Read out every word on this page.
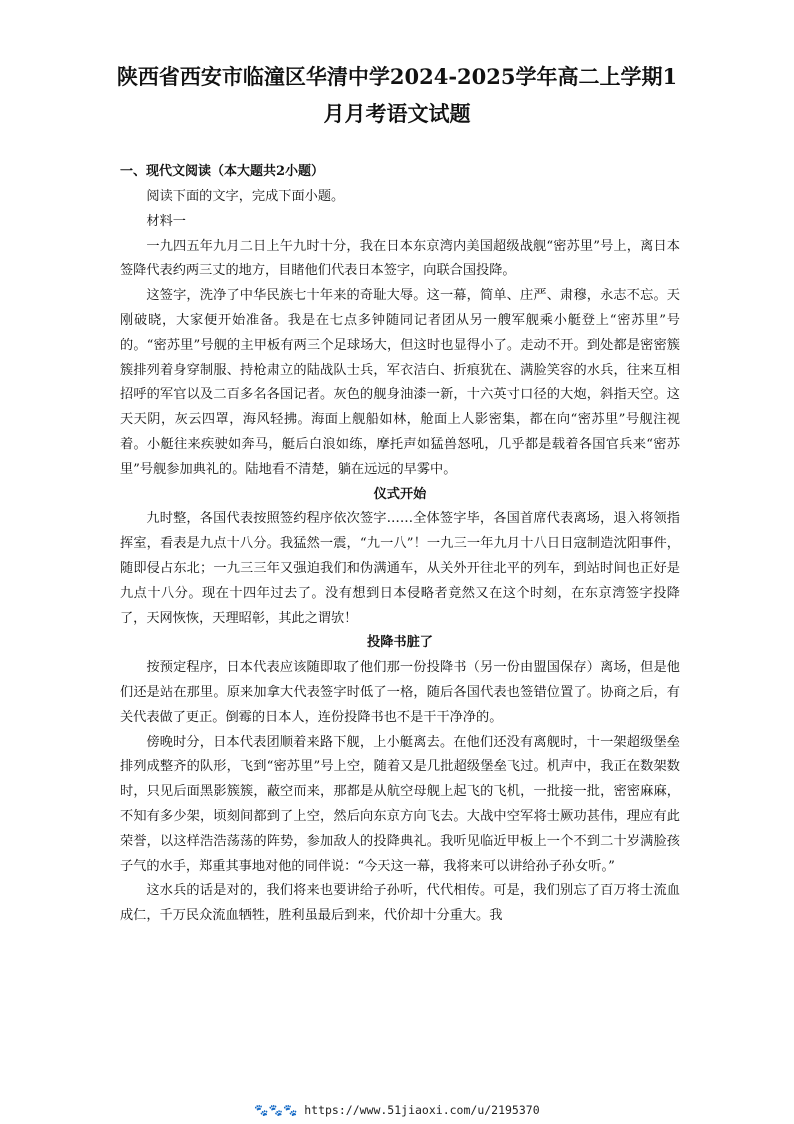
陕西省西安市临潼区华清中学2024-2025学年高二上学期1月月考语文试题
一、现代文阅读（本大题共2小题）

阅读下面的文字，完成下面小题。

材料一

一九四五年九月二日上午九时十分，我在日本东京湾内美国超级战舰“密苏里”号上，离日本签降代表约两三丈的地方，目睹他们代表日本签字，向联合国投降。

这签字，洗净了中华民族七十年来的奇耻大辱。这一幕，简单、庄严、肃穆，永志不忘。天刚破晓，大家便开始准备。我是在七点多钟随同记者团从另一艘军舰乘小艇登上“密苏里”号的。“密苏里”号舰的主甲板有两三个足球场大，但这时也显得小了。走动不开。到处都是密密簇簇排列着身穿制服、持枪肃立的陆战队士兵，军衣洁白、折痕犹在、满脸笑容的水兵，往来互相招呼的军官以及二百多名各国记者。灰色的舰身油漆一新，十六英寸口径的大炮，斜指天空。这天天阴，灰云四罩，海风轻拂。海面上舰船如林，舱面上人影密集，都在向“密苏里”号舰注视着。小艇往来疾驶如奔马，艇后白浪如练，摩托声如猛兽怒吼，几乎都是载着各国官兵来“密苏里”号舰参加典礼的。陆地看不清楚，躺在远远的早雾中。

仪式开始

九时整，各国代表按照签约程序依次签字……全体签字毕，各国首席代表离场，退入将领指挥室，看表是九点十八分。我猛然一震，“九一八”！一九三一年九月十八日日寇制造沈阳事件，随即侵占东北；一九三三年又强迫我们和伪满通车，从关外开往北平的列车，到站时间也正好是九点十八分。现在十四年过去了。没有想到日本侵略者竟然又在这个时刻，在东京湾签字投降了，天网恢恢，天理昭彰，其此之谓欤！

投降书脏了

按预定程序，日本代表应该随即取了他们那一份投降书（另一份由盟国保存）离场，但是他们还是站在那里。原来加拿大代表签字时低了一格，随后各国代表也签错位置了。协商之后，有关代表做了更正。倒霉的日本人，连份投降书也不是干干净净的。

傍晚时分，日本代表团顺着来路下舰，上小艇离去。在他们还没有离舰时，十一架超级堡垒排列成整齐的队形，飞到“密苏里”号上空，随着又是几批超级堡垒飞过。机声中，我正在数架数时，只见后面黑影簇簇，蔽空而来，那都是从航空母舰上起飞的飞机，一批接一批，密密麻麻，不知有多少架，顷刻间都到了上空，然后向东京方向飞去。大战中空军将士厥功甚伟，理应有此荣誉，以这样浩浩荡荡的阵势，参加敌人的投降典礼。我听见临近甲板上一个不到二十岁满脸孩子气的水手，郑重其事地对他的同伴说：“今天这一幕，我将来可以讲给孙子孙女听。”

这水兵的话是对的，我们将来也要讲给子孙听，代代相传。可是，我们别忘了百万将士流血成仁，千万民众流血牺牲，胜利虽最后到来，代价却十分重大。我

🐾🐾🐾 https://www.51jiaoxi.com/u/2195370
